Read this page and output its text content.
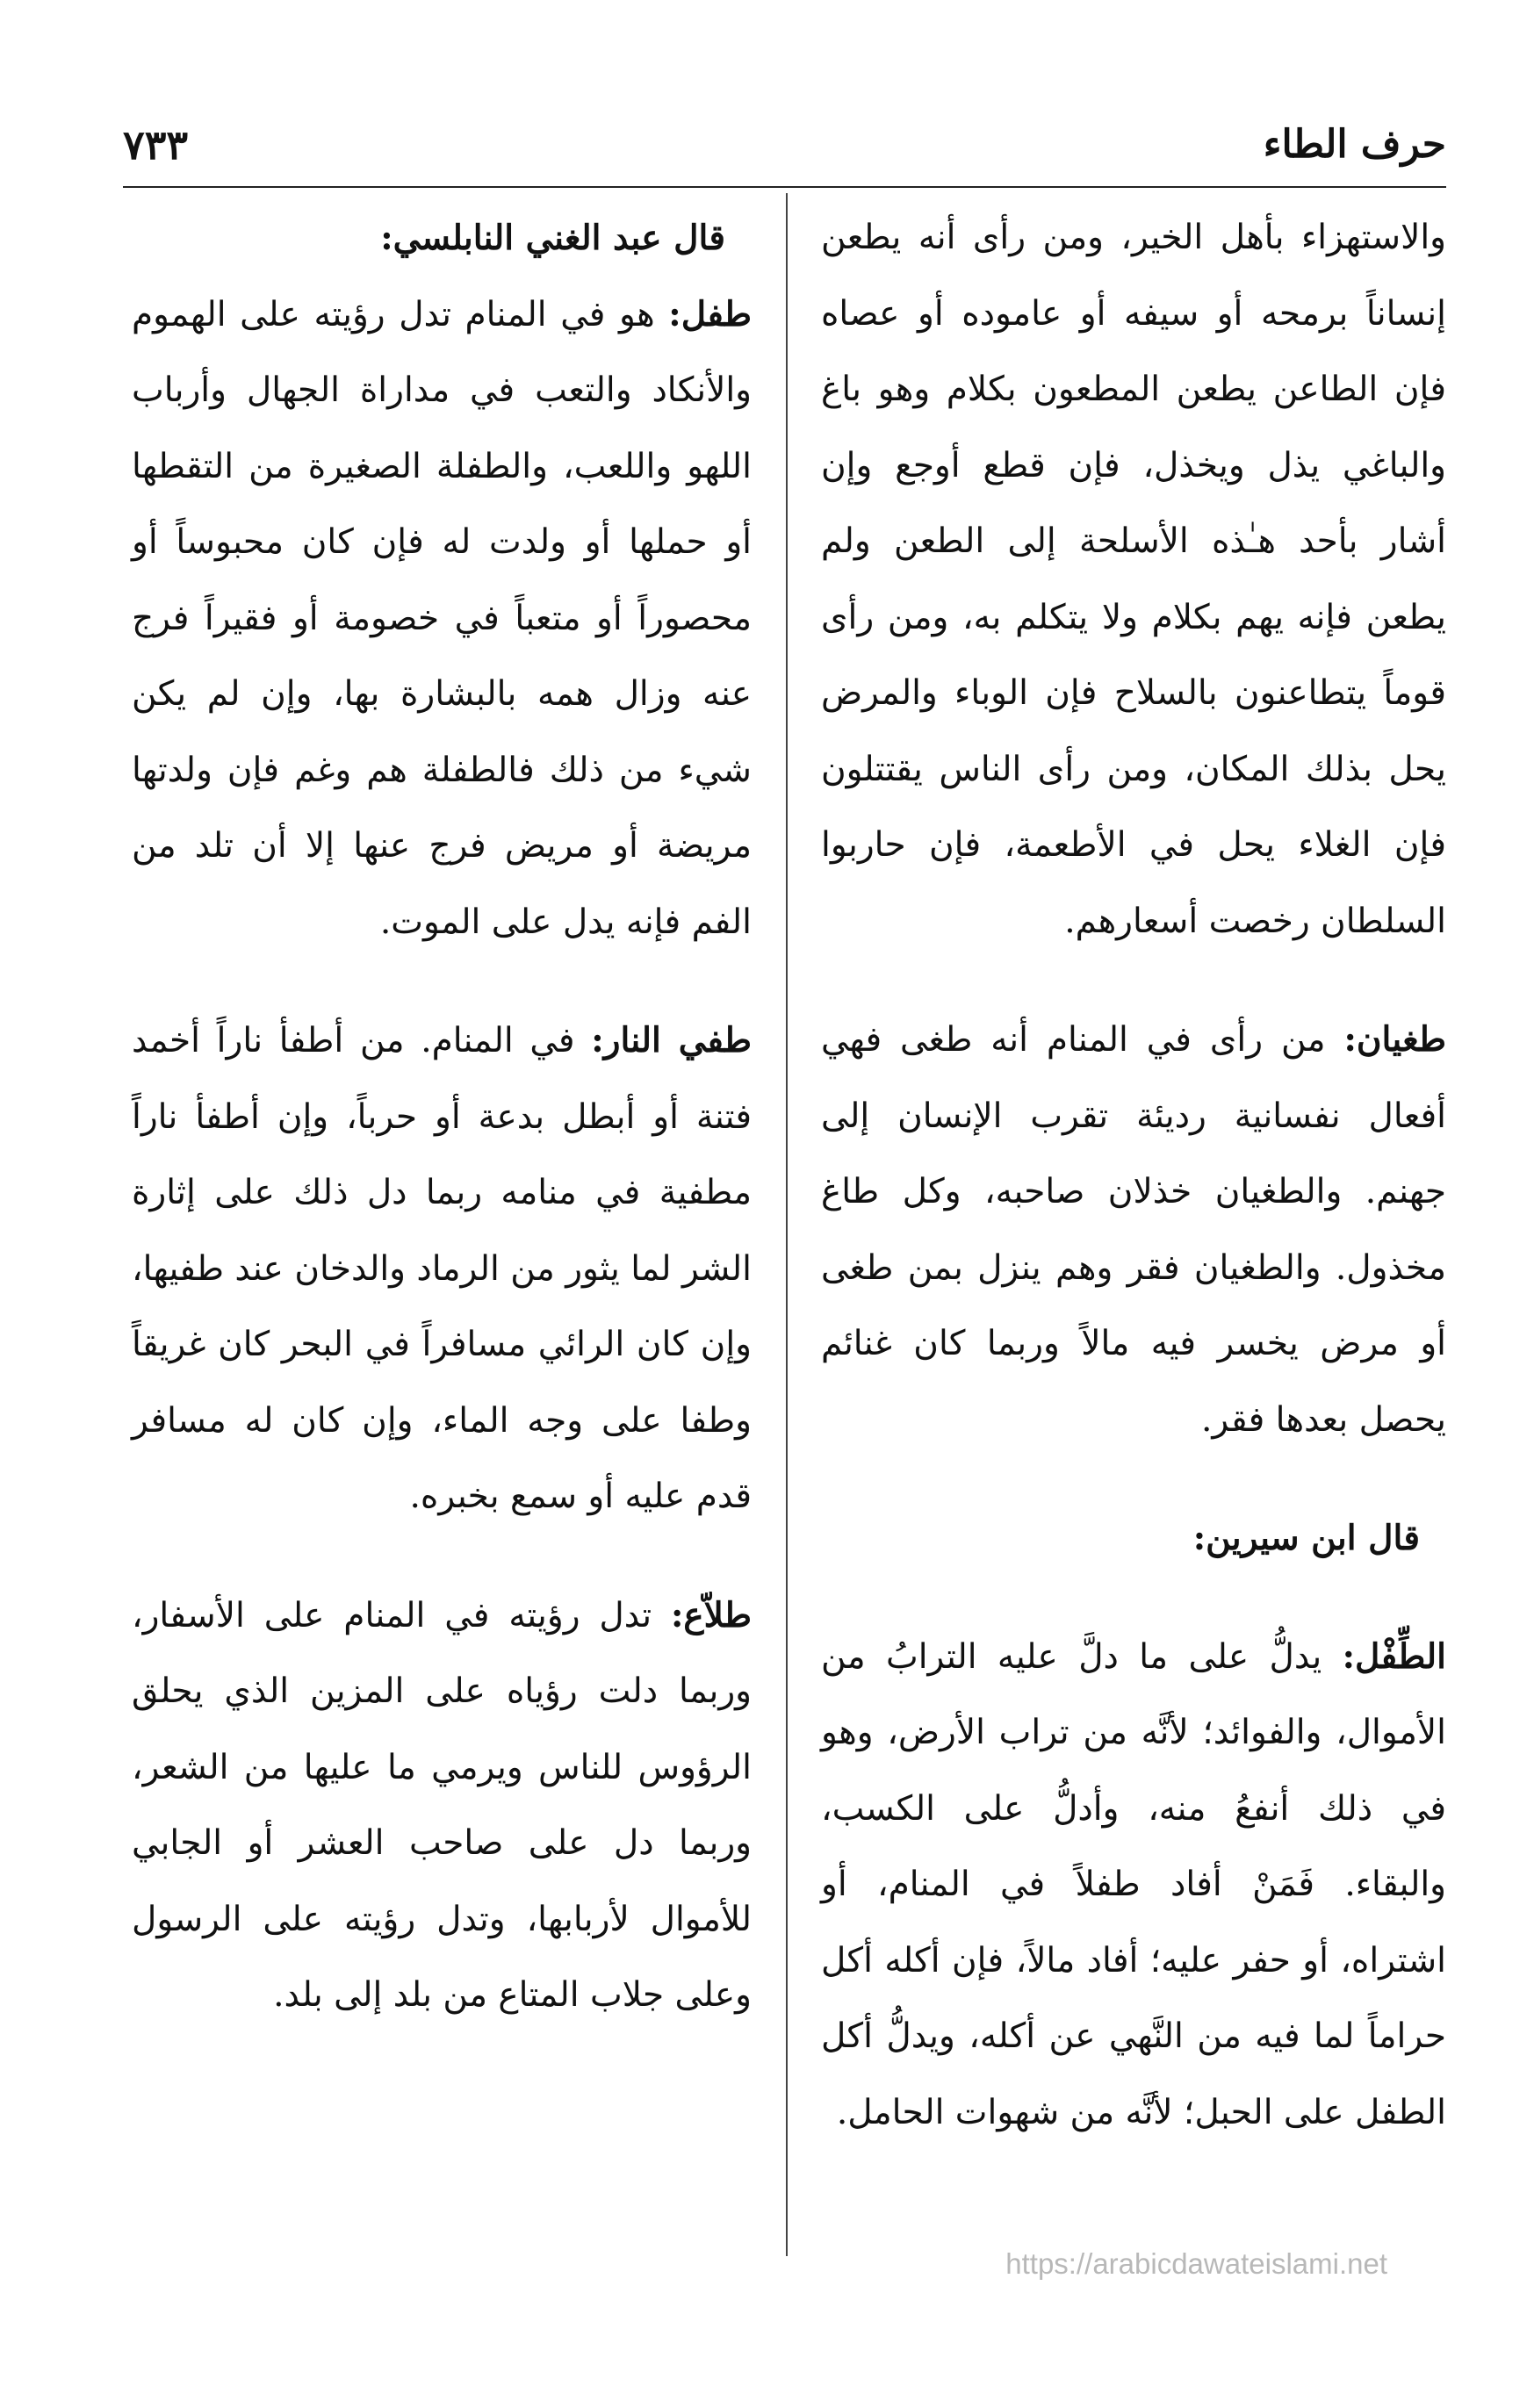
حرف الطاء
٧٣٣

والاستهزاء بأهل الخير، ومن رأى أنه يطعن إنساناً برمحه أو سيفه أو عاموده أو عصاه فإن الطاعن يطعن المطعون بكلام وهو باغ والباغي يذل ويخذل، فإن قطع أوجع وإن أشار بأحد هـٰذه الأسلحة إلى الطعن ولم يطعن فإنه يهم بكلام ولا يتكلم به، ومن رأى قوماً يتطاعنون بالسلاح فإن الوباء والمرض يحل بذلك المكان، ومن رأى الناس يقتتلون فإن الغلاء يحل في الأطعمة، فإن حاربوا السلطان رخصت أسعارهم.

طغيان: من رأى في المنام أنه طغى فهي أفعال نفسانية رديئة تقرب الإنسان إلى جهنم. والطغيان خذلان صاحبه، وكل طاغ مخذول. والطغيان فقر وهم ينزل بمن طغى أو مرض يخسر فيه مالاً وربما كان غنائم يحصل بعدها فقر.

قال ابن سيرين:

الطِّفْل: يدلُّ على ما دلَّ عليه الترابُ من الأموال، والفوائد؛ لأنَّه من تراب الأرض، وهو في ذلك أنفعُ منه، وأدلُّ على الكسب، والبقاء. فَمَنْ أفاد طفلاً في المنام، أو اشتراه، أو حفر عليه؛ أفاد مالاً، فإن أكله أكل حراماً لما فيه من النَّهي عن أكله، ويدلُّ أكل الطفل على الحبل؛ لأنَّه من شهوات الحامل.

قال عبد الغني النابلسي:

طفل: هو في المنام تدل رؤيته على الهموم والأنكاد والتعب في مداراة الجهال وأرباب اللهو واللعب، والطفلة الصغيرة من التقطها أو حملها أو ولدت له فإن كان محبوساً أو محصوراً أو متعباً في خصومة أو فقيراً فرج عنه وزال همه بالبشارة بها، وإن لم يكن شيء من ذلك فالطفلة هم وغم فإن ولدتها مريضة أو مريض فرج عنها إلا أن تلد من الفم فإنه يدل على الموت.

طفي النار: في المنام. من أطفأ ناراً أخمد فتنة أو أبطل بدعة أو حرباً، وإن أطفأ ناراً مطفية في منامه ربما دل ذلك على إثارة الشر لما يثور من الرماد والدخان عند طفيها، وإن كان الرائي مسافراً في البحر كان غريقاً وطفا على وجه الماء، وإن كان له مسافر قدم عليه أو سمع بخبره.

طلاّع: تدل رؤيته في المنام على الأسفار، وربما دلت رؤياه على المزين الذي يحلق الرؤوس للناس ويرمي ما عليها من الشعر، وربما دل على صاحب العشر أو الجابي للأموال لأربابها، وتدل رؤيته على الرسول وعلى جلاب المتاع من بلد إلى بلد.

https://arabicdawateislami.net
